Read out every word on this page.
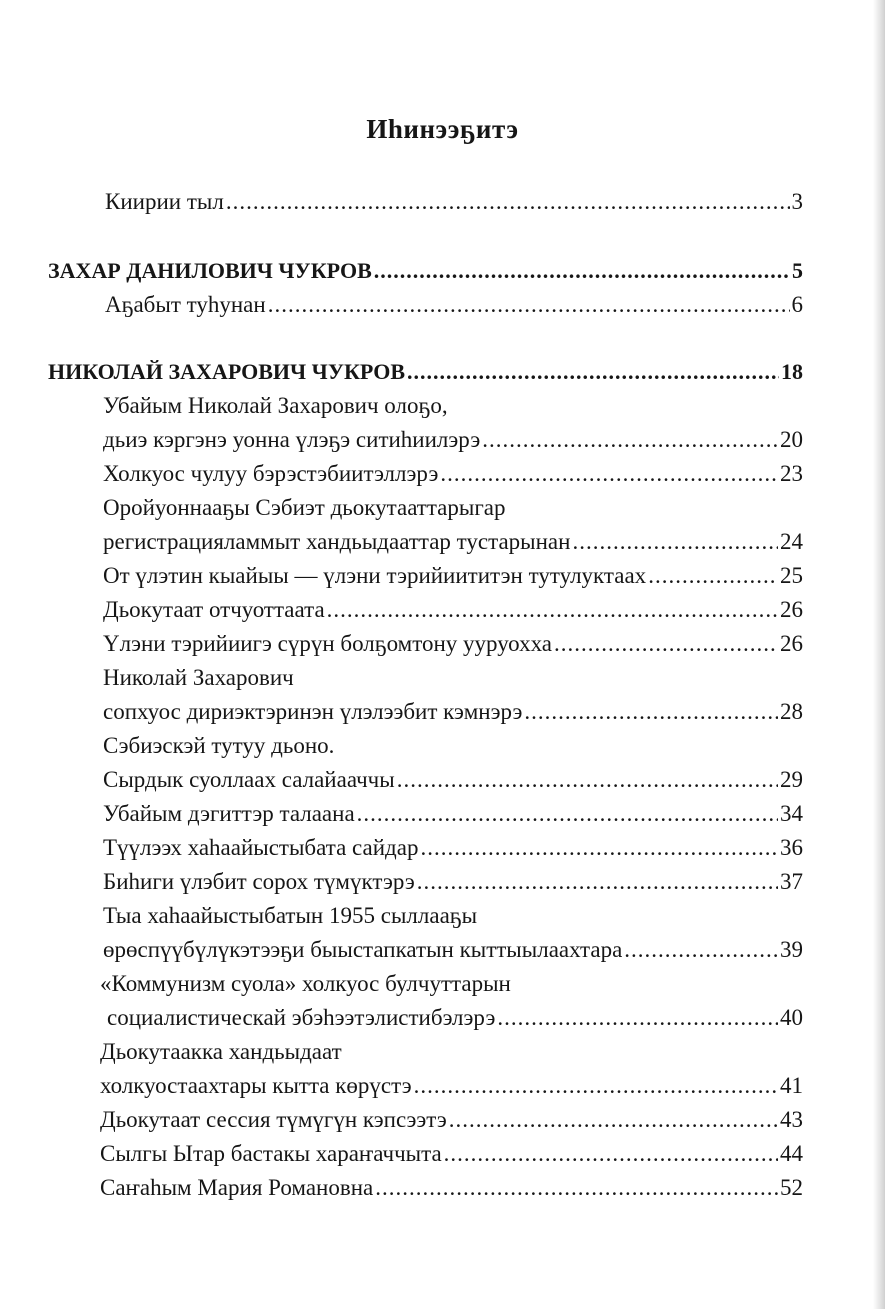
Иhинээҕитэ
Киирии тыл .....	3
ЗАХАР ДАНИЛОВИЧ ЧУКРОВ .....	5
Аҕабыт туhунан .....	6
НИКОЛАЙ ЗАХАРОВИЧ ЧУКРОВ .....	18
Убайым Николай Захарович олоҕо,
дьиэ кэргэнэ уонна үлэҕэ ситиhиилэрэ .....	20
Холкуос чулуу бэрэстэбиитэллэрэ .....	23
Оройуоннааҕы Сэбиэт дьокутааттарыгар
регистрацияламмыт хандьыдааттар тустарынан .....	24
От үлэтин кыайыы — үлэни тэрийиититэн тутулуктаах .....	25
Дьокутаат отчуоттаата .....	26
Үлэни тэрийиигэ сүрүн болҕомтону ууруохха .....	26
Николай Захарович
сопхуос дириэктэринэн үлэлээбит кэмнэрэ .....	28
Сэбиэскэй тутуу дьоно.
Сырдык суоллаах салайааччы .....	29
Убайым дэгиттэр талаана .....	34
Түүлээх хаhаайыстыбата сайдар .....	36
Биhиги үлэбит сорох түмүктэрэ .....	37
Тыа хаhаайыстыбатын 1955 сыллааҕы
өрөспүүбүлүкэтээҕи быыстапкатын кыттыылаахтара .....	39
«Коммунизм суола» холкуос булчуттарын
социалистическай эбэhээтэлистибэлэрэ .....	40
Дьокутаакка хандьыдаат
холкуостаахтары кытта көрүстэ .....	41
Дьокутаат сессия түмүгүн кэпсээтэ .....	43
Сылгы Ытар бастакы хараҥаччыта .....	44
Саҥаhым Мария Романовна .....	52
